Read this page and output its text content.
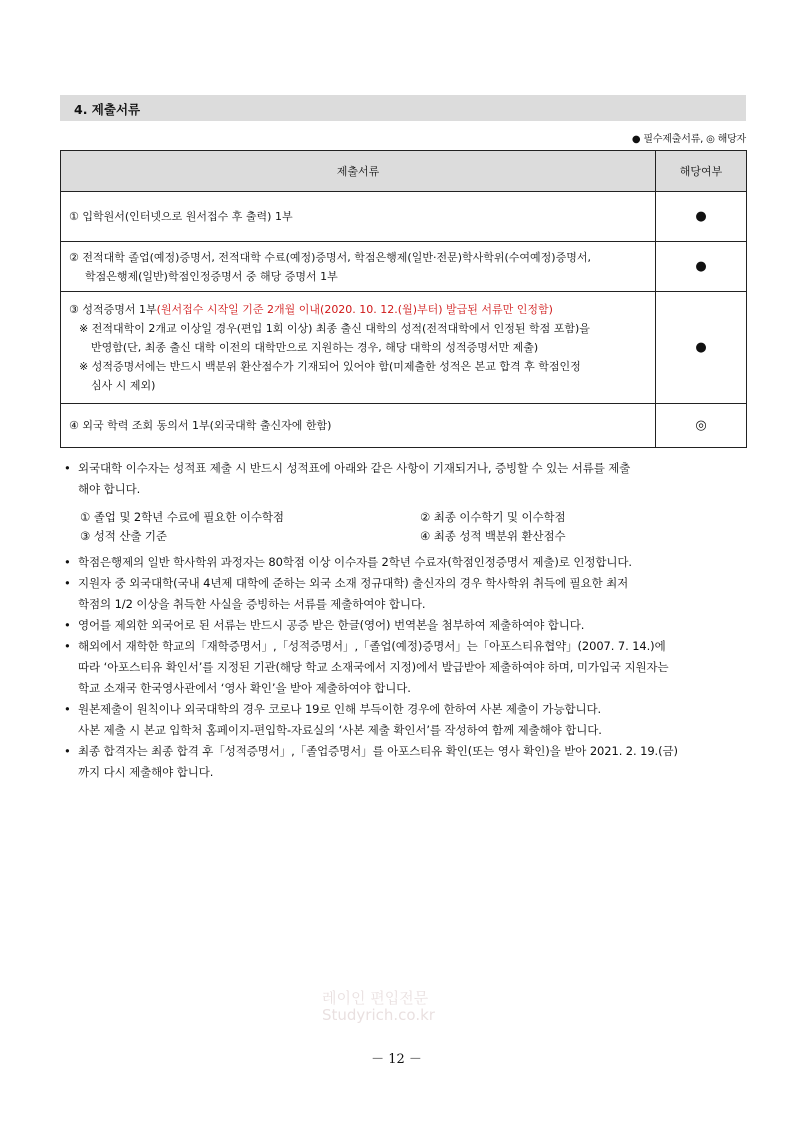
4. 제출서류
● 필수제출서류, ◎ 해당자
제출서류	해당여부

① 입학원서(인터넷으로 원서접수 후 출력) 1부	●

② 전적대학 졸업(예정)증명서, 전적대학 수료(예정)증명서, 학점은행제(일반·전문)학사학위(수여예정)증명서,
학점은행제(일반)학점인정증명서 중 해당 증명서 1부	●

③ 성적증명서 1부(원서접수 시작일 기준 2개월 이내(2020. 10. 12.(월)부터) 발급된 서류만 인정함)
※ 전적대학이 2개교 이상일 경우(편입 1회 이상) 최종 출신 대학의 성적(전적대학에서 인정된 학점 포함)을
반영함(단, 최종 출신 대학 이전의 대학만으로 지원하는 경우, 해당 대학의 성적증명서만 제출)
※ 성적증명서에는 반드시 백분위 환산점수가 기재되어 있어야 함(미제출한 성적은 본교 합격 후 학점인정
심사 시 제외)	●

④ 외국 학력 조회 동의서 1부(외국대학 출신자에 한함)	◎
• 외국대학 이수자는 성적표 제출 시 반드시 성적표에 아래와 같은 사항이 기재되거나, 증빙할 수 있는 서류를 제출
해야 합니다.
① 졸업 및 2학년 수료에 필요한 이수학점	② 최종 이수학기 및 이수학점
③ 성적 산출 기준	④ 최종 성적 백분위 환산점수
• 학점은행제의 일반 학사학위 과정자는 80학점 이상 이수자를 2학년 수료자(학점인정증명서 제출)로 인정합니다.
• 지원자 중 외국대학(국내 4년제 대학에 준하는 외국 소재 정규대학) 출신자의 경우 학사학위 취득에 필요한 최저
학점의 1/2 이상을 취득한 사실을 증빙하는 서류를 제출하여야 합니다.
• 영어를 제외한 외국어로 된 서류는 반드시 공증 받은 한글(영어) 번역본을 첨부하여 제출하여야 합니다.
• 해외에서 재학한 학교의「재학증명서」,「성적증명서」,「졸업(예정)증명서」는「아포스티유협약」(2007. 7. 14.)에
따라 ‘아포스티유 확인서’를 지정된 기관(해당 학교 소재국에서 지정)에서 발급받아 제출하여야 하며, 미가입국 지원자는
학교 소재국 한국영사관에서 ‘영사 확인’을 받아 제출하여야 합니다.
• 원본제출이 원칙이나 외국대학의 경우 코로나 19로 인해 부득이한 경우에 한하여 사본 제출이 가능합니다.
사본 제출 시 본교 입학처 홈페이지-편입학-자료실의 ‘사본 제출 확인서’를 작성하여 함께 제출해야 합니다.
• 최종 합격자는 최종 합격 후「성적증명서」,「졸업증명서」를 아포스티유 확인(또는 영사 확인)을 받아 2021. 2. 19.(금)
까지 다시 제출해야 합니다.
레이인 편입전문
Studyrich.co.kr
－ 12 －
